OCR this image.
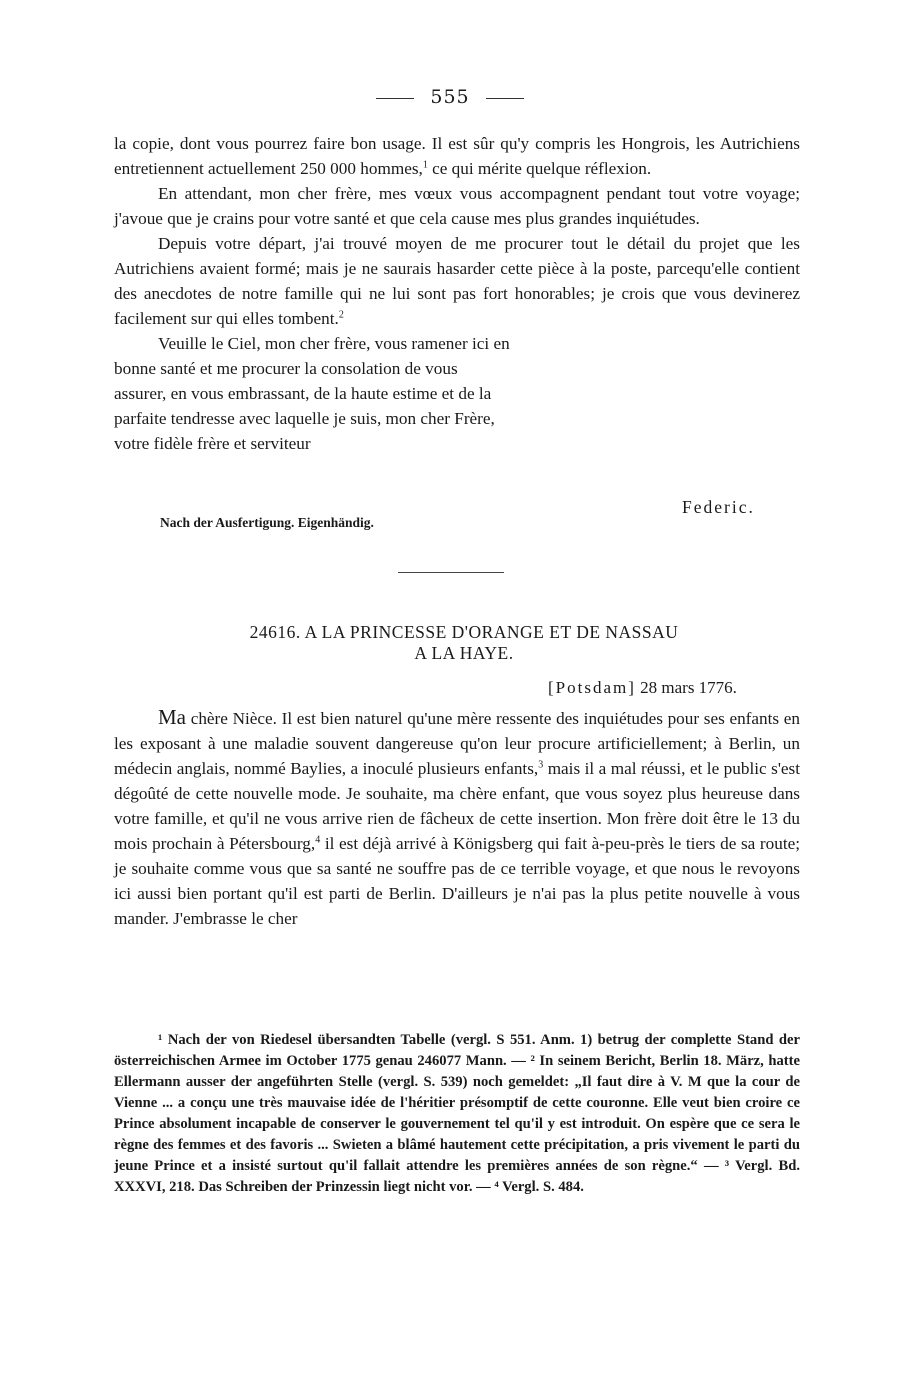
555

la copie, dont vous pourrez faire bon usage. Il est sûr qu'y compris les Hongrois, les Autrichiens entretiennent actuellement 250 000 hommes,$^1$ ce qui mérite quelque réflexion.

En attendant, mon cher frère, mes vœux vous accompagnent pendant tout votre voyage; j'avoue que je crains pour votre santé et que cela cause mes plus grandes inquiétudes.

Depuis votre départ, j'ai trouvé moyen de me procurer tout le détail du projet que les Autrichiens avaient formé; mais je ne saurais hasarder cette pièce à la poste, parcequ'elle contient des anecdotes de notre famille qui ne lui sont pas fort honorables; je crois que vous devinerez facilement sur qui elles tombent.$^2$

Veuille le Ciel, mon cher frère, vous ramener ici en bonne santé et me procurer la consolation de vous assurer, en vous embrassant, de la haute estime et de la parfaite tendresse avec laquelle je suis, mon cher Frère, votre fidèle frère et serviteur

Federic.
Nach der Ausfertigung. Eigenhändig.
24616. A LA PRINCESSE D'ORANGE ET DE NASSAU
A LA HAYE.
[Potsdam] 28 mars 1776.

Ma chère Nièce. Il est bien naturel qu'une mère ressente des inquiétudes pour ses enfants en les exposant à une maladie souvent dangereuse qu'on leur procure artificiellement; à Berlin, un médecin anglais, nommé Baylies, a inoculé plusieurs enfants,$^3$ mais il a mal réussi, et le public s'est dégoûté de cette nouvelle mode. Je souhaite, ma chère enfant, que vous soyez plus heureuse dans votre famille, et qu'il ne vous arrive rien de fâcheux de cette insertion. Mon frère doit être le 13 du mois prochain à Pétersbourg,$^4$ il est déjà arrivé à Königsberg qui fait à-peu-près le tiers de sa route; je souhaite comme vous que sa santé ne souffre pas de ce terrible voyage, et que nous le revoyons ici aussi bien portant qu'il est parti de Berlin. D'ailleurs je n'ai pas la plus petite nouvelle à vous mander. J'embrasse le cher

¹ Nach der von Riedesel übersandten Tabelle (vergl. S 551. Anm. 1) betrug der complette Stand der österreichischen Armee im October 1775 genau 246077 Mann. — ² In seinem Bericht, Berlin 18. März, hatte Ellermann ausser der angeführten Stelle (vergl. S. 539) noch gemeldet: „Il faut dire à V. M que la cour de Vienne ... a conçu une très mauvaise idée de l'héritier présomptif de cette couronne. Elle veut bien croire ce Prince absolument incapable de conserver le gouvernement tel qu'il y est introduit. On espère que ce sera le règne des femmes et des favoris ... Swieten a blâmé hautement cette précipitation, a pris vivement le parti du jeune Prince et a insisté surtout qu'il fallait attendre les premières années de son règne.“ — ³ Vergl. Bd. XXXVI, 218. Das Schreiben der Prinzessin liegt nicht vor. — ⁴ Vergl. S. 484.
